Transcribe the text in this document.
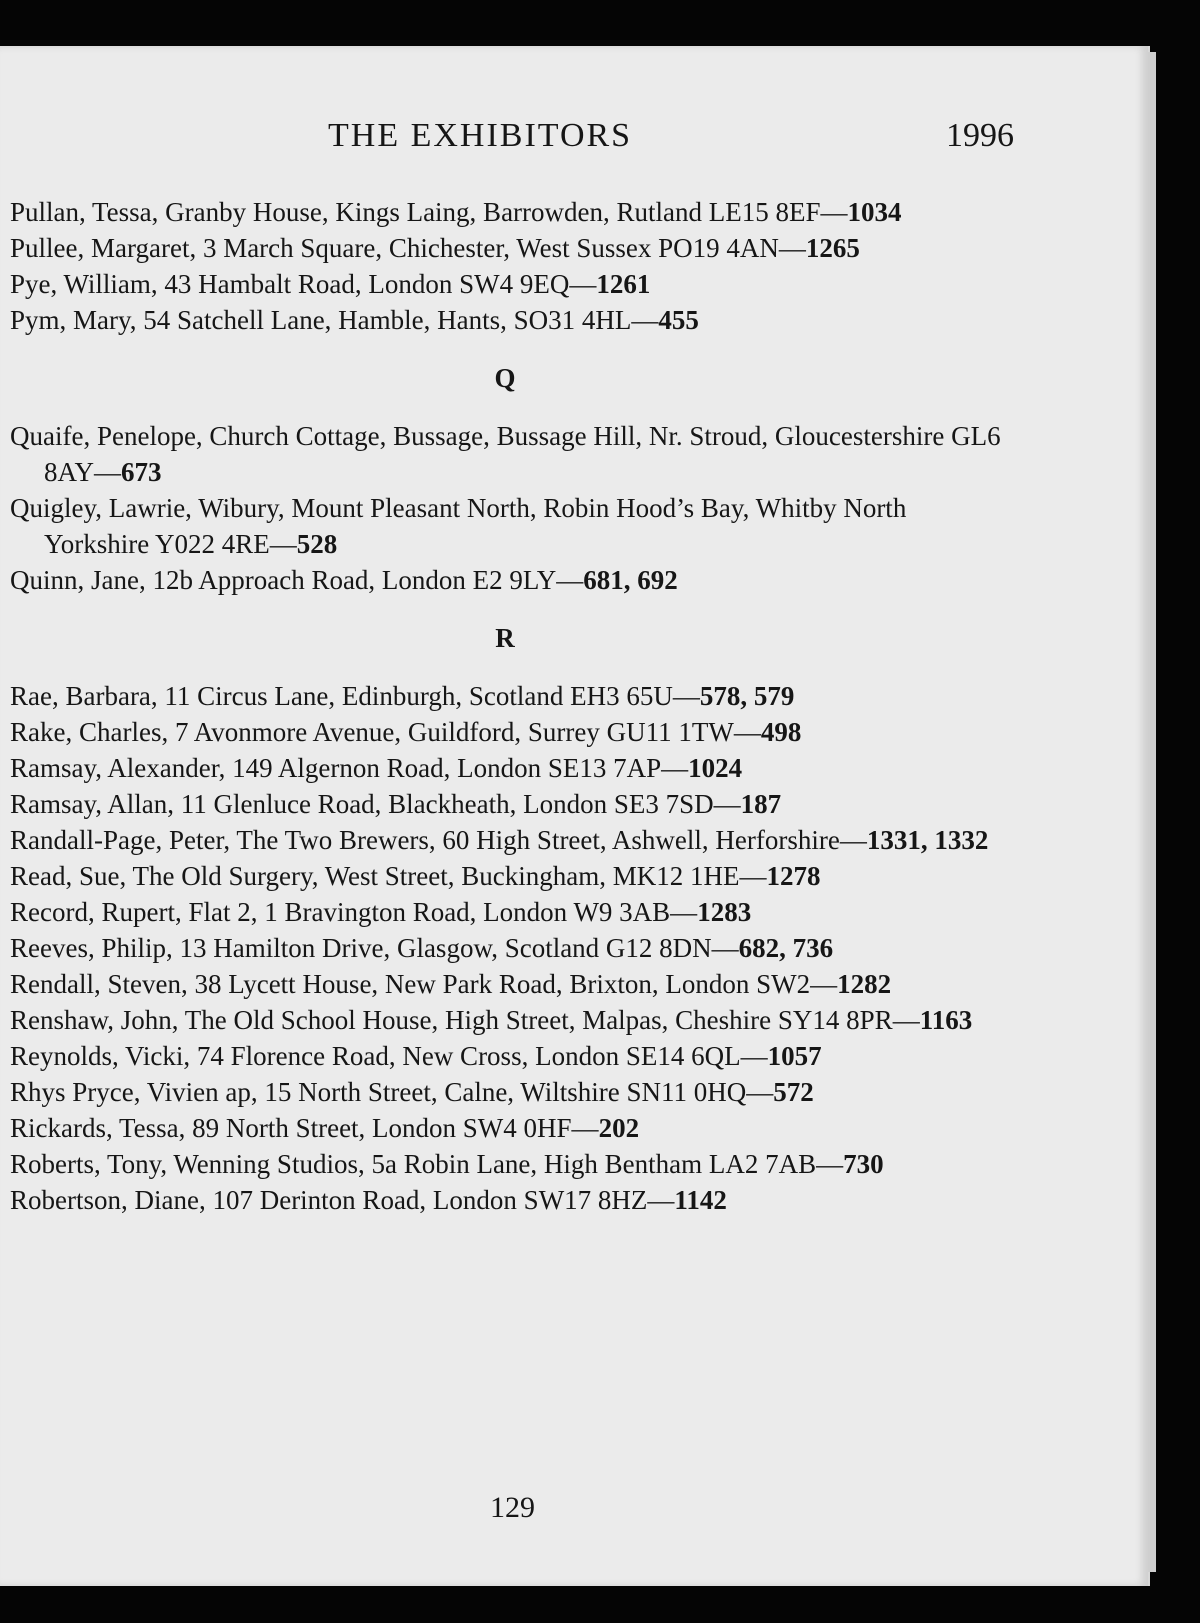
THE EXHIBITORS	1996
Pullan, Tessa, Granby House, Kings Laing, Barrowden, Rutland LE15 8EF—1034
Pullee, Margaret, 3 March Square, Chichester, West Sussex PO19 4AN—1265
Pye, William, 43 Hambalt Road, London SW4 9EQ—1261
Pym, Mary, 54 Satchell Lane, Hamble, Hants, SO31 4HL—455
Q
Quaife, Penelope, Church Cottage, Bussage, Bussage Hill, Nr. Stroud, Gloucestershire GL6 8AY—673
Quigley, Lawrie, Wibury, Mount Pleasant North, Robin Hood’s Bay, Whitby North Yorkshire Y022 4RE—528
Quinn, Jane, 12b Approach Road, London E2 9LY—681, 692
R
Rae, Barbara, 11 Circus Lane, Edinburgh, Scotland EH3 65U—578, 579
Rake, Charles, 7 Avonmore Avenue, Guildford, Surrey GU11 1TW—498
Ramsay, Alexander, 149 Algernon Road, London SE13 7AP—1024
Ramsay, Allan, 11 Glenluce Road, Blackheath, London SE3 7SD—187
Randall-Page, Peter, The Two Brewers, 60 High Street, Ashwell, Herforshire—1331, 1332
Read, Sue, The Old Surgery, West Street, Buckingham, MK12 1HE—1278
Record, Rupert, Flat 2, 1 Bravington Road, London W9 3AB—1283
Reeves, Philip, 13 Hamilton Drive, Glasgow, Scotland G12 8DN—682, 736
Rendall, Steven, 38 Lycett House, New Park Road, Brixton, London SW2—1282
Renshaw, John, The Old School House, High Street, Malpas, Cheshire SY14 8PR—1163
Reynolds, Vicki, 74 Florence Road, New Cross, London SE14 6QL—1057
Rhys Pryce, Vivien ap, 15 North Street, Calne, Wiltshire SN11 0HQ—572
Rickards, Tessa, 89 North Street, London SW4 0HF—202
Roberts, Tony, Wenning Studios, 5a Robin Lane, High Bentham LA2 7AB—730
Robertson, Diane, 107 Derinton Road, London SW17 8HZ—1142
129
